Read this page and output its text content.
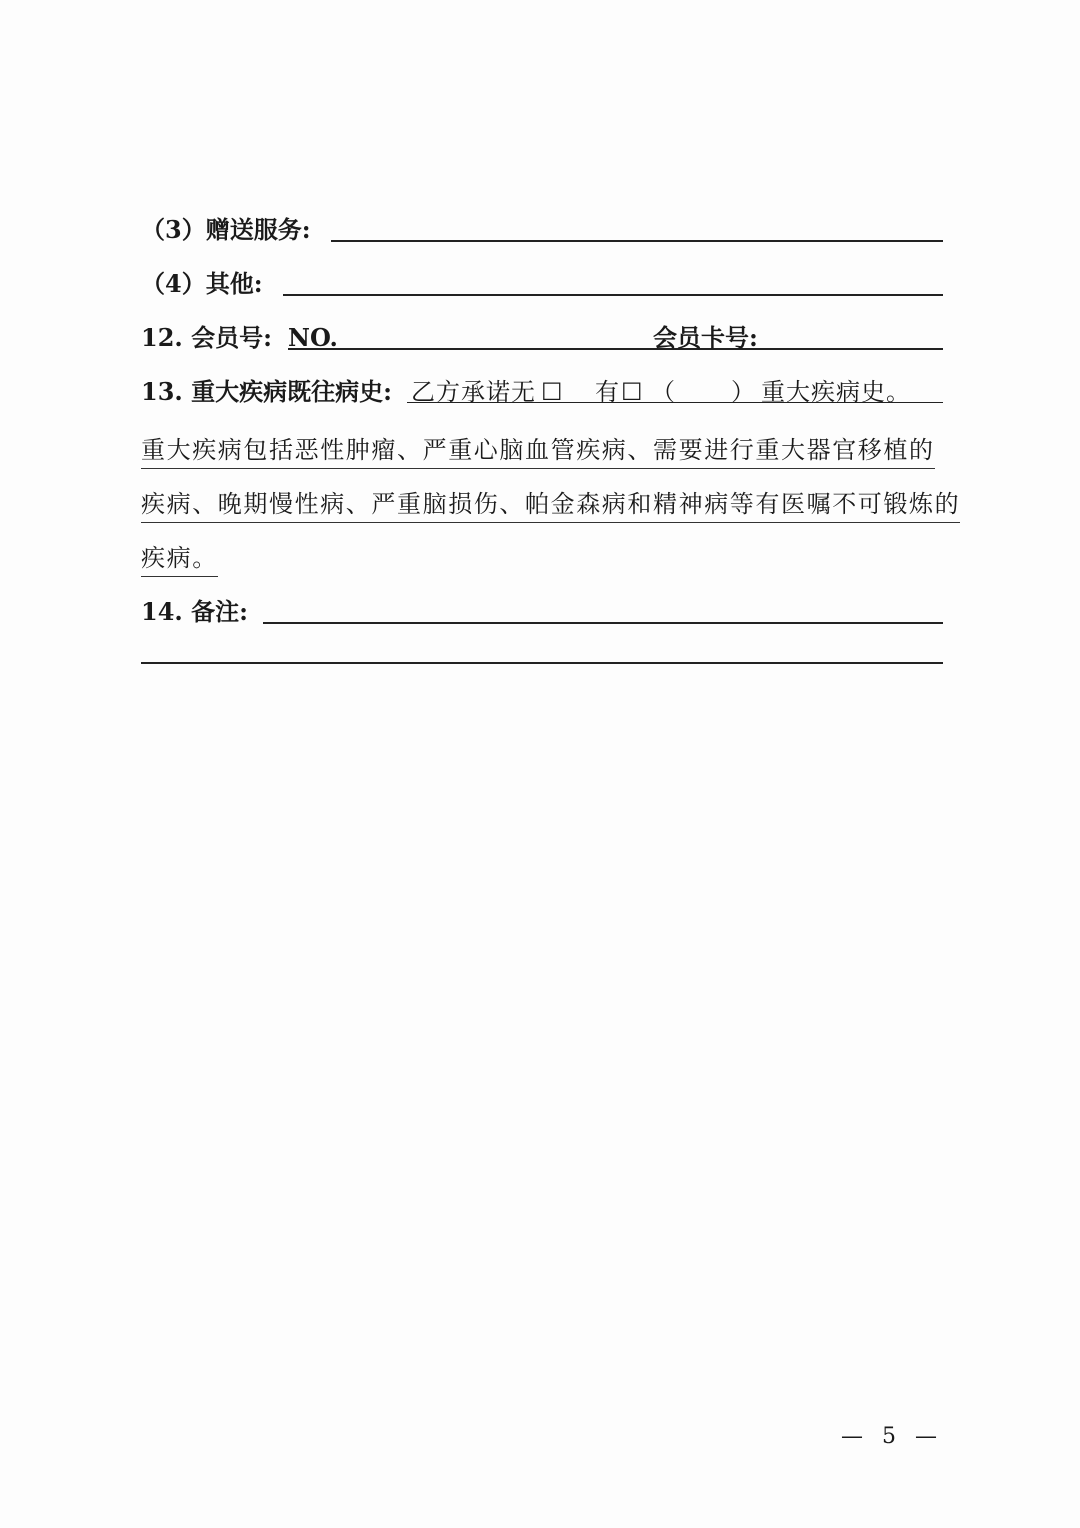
（3）赠送服务:
（4）其他:
12. 会员号: NO.	会员卡号:
13. 重大疾病既往病史: 乙方承诺无 ☐ 有 ☐ （ ） 重大疾病史。
重大疾病包括恶性肿瘤、严重心脑血管疾病、需要进行重大器官移植的
疾病、晚期慢性病、严重脑损伤、帕金森病和精神病等有医嘱不可锻炼的
疾病。
14. 备注:
— 5 —
